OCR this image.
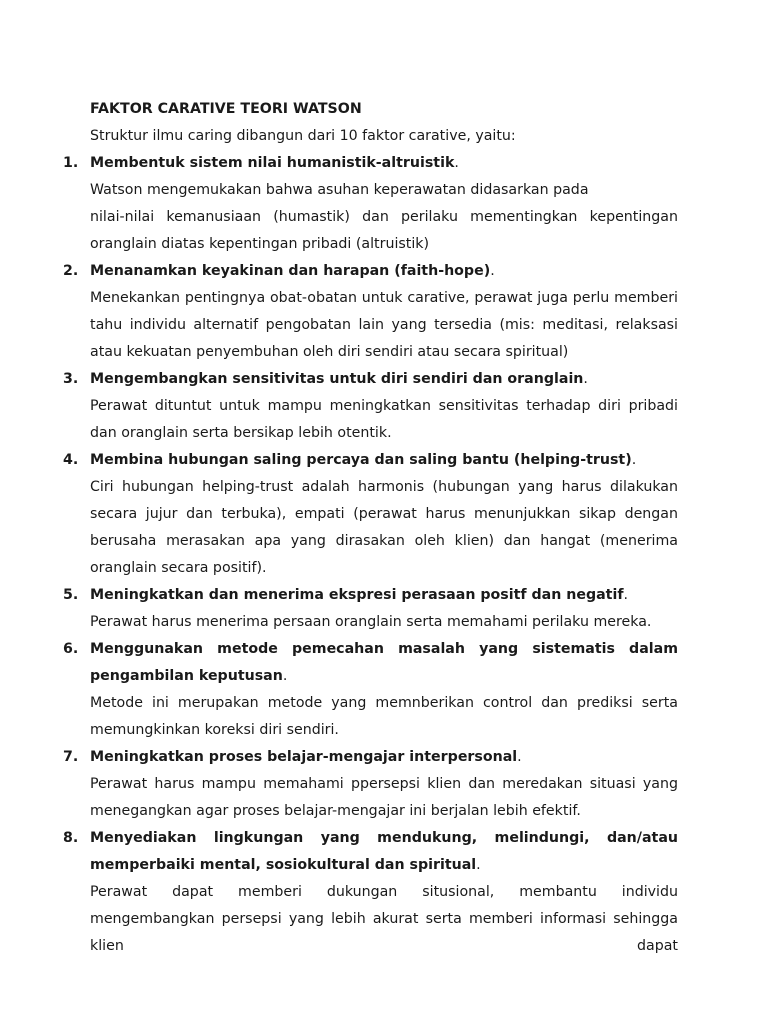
FAKTOR CARATIVE TEORI WATSON
Struktur ilmu caring dibangun dari 10 faktor carative, yaitu:
1. Membentuk sistem nilai humanistik-altruistik.
Watson mengemukakan bahwa asuhan keperawatan didasarkan pada
nilai-nilai kemanusiaan (humastik) dan perilaku mementingkan kepentingan oranglain diatas kepentingan pribadi (altruistik)
2. Menanamkan keyakinan dan harapan (faith-hope).
Menekankan pentingnya obat-obatan untuk carative, perawat juga perlu memberi tahu individu alternatif pengobatan lain yang tersedia (mis: meditasi, relaksasi atau kekuatan penyembuhan oleh diri sendiri atau secara spiritual)
3. Mengembangkan sensitivitas untuk diri sendiri dan oranglain.
Perawat dituntut untuk mampu meningkatkan sensitivitas terhadap diri pribadi dan oranglain serta bersikap lebih otentik.
4. Membina hubungan saling percaya dan saling bantu (helping-trust).
Ciri hubungan helping-trust adalah harmonis (hubungan yang harus dilakukan secara jujur dan terbuka), empati (perawat harus menunjukkan sikap dengan berusaha merasakan apa yang dirasakan oleh klien) dan hangat (menerima oranglain secara positif).
5. Meningkatkan dan menerima ekspresi perasaan positf dan negatif.
Perawat harus menerima persaan oranglain serta memahami perilaku mereka.
6. Menggunakan metode pemecahan masalah yang sistematis dalam pengambilan keputusan.
Metode ini merupakan metode yang memnberikan control dan prediksi serta memungkinkan koreksi diri sendiri.
7. Meningkatkan proses belajar-mengajar interpersonal.
Perawat harus mampu memahami ppersepsi klien dan meredakan situasi yang menegangkan agar proses belajar-mengajar ini berjalan lebih efektif.
8. Menyediakan lingkungan yang mendukung, melindungi, dan/atau memperbaiki mental, sosiokultural dan spiritual.
Perawat dapat memberi dukungan situsional, membantu individu mengembangkan persepsi yang lebih akurat serta memberi informasi sehingga klien dapat
